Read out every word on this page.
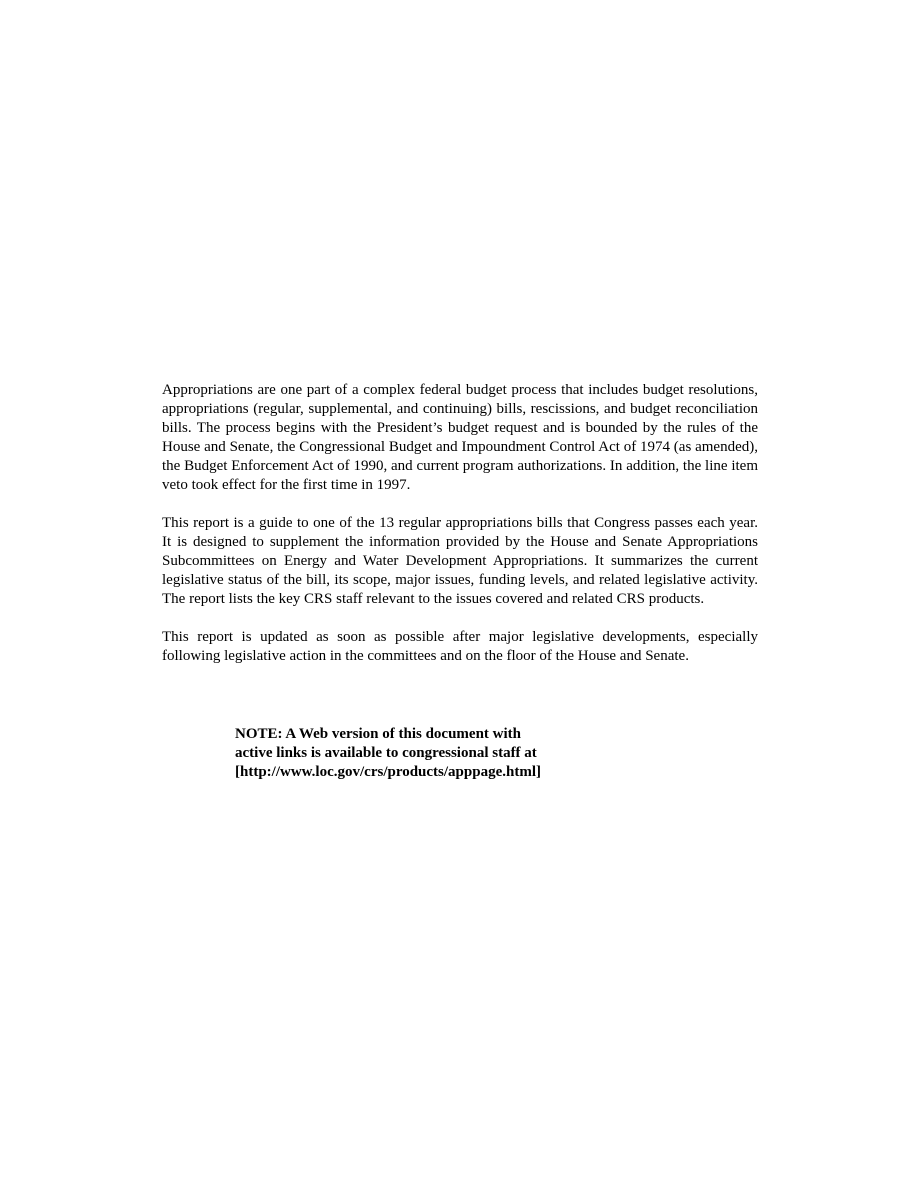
Appropriations are one part of a complex federal budget process that includes budget resolutions, appropriations (regular, supplemental, and continuing) bills, rescissions, and budget reconciliation bills. The process begins with the President’s budget request and is bounded by the rules of the House and Senate, the Congressional Budget and Impoundment Control Act of 1974 (as amended), the Budget Enforcement Act of 1990, and current program authorizations. In addition, the line item veto took effect for the first time in 1997.

This report is a guide to one of the 13 regular appropriations bills that Congress passes each year. It is designed to supplement the information provided by the House and Senate Appropriations Subcommittees on Energy and Water Development Appropriations. It summarizes the current legislative status of the bill, its scope, major issues, funding levels, and related legislative activity. The report lists the key CRS staff relevant to the issues covered and related CRS products.

This report is updated as soon as possible after major legislative developments, especially following legislative action in the committees and on the floor of the House and Senate.

NOTE: A Web version of this document with
active links is available to congressional staff at
[http://www.loc.gov/crs/products/apppage.html]
